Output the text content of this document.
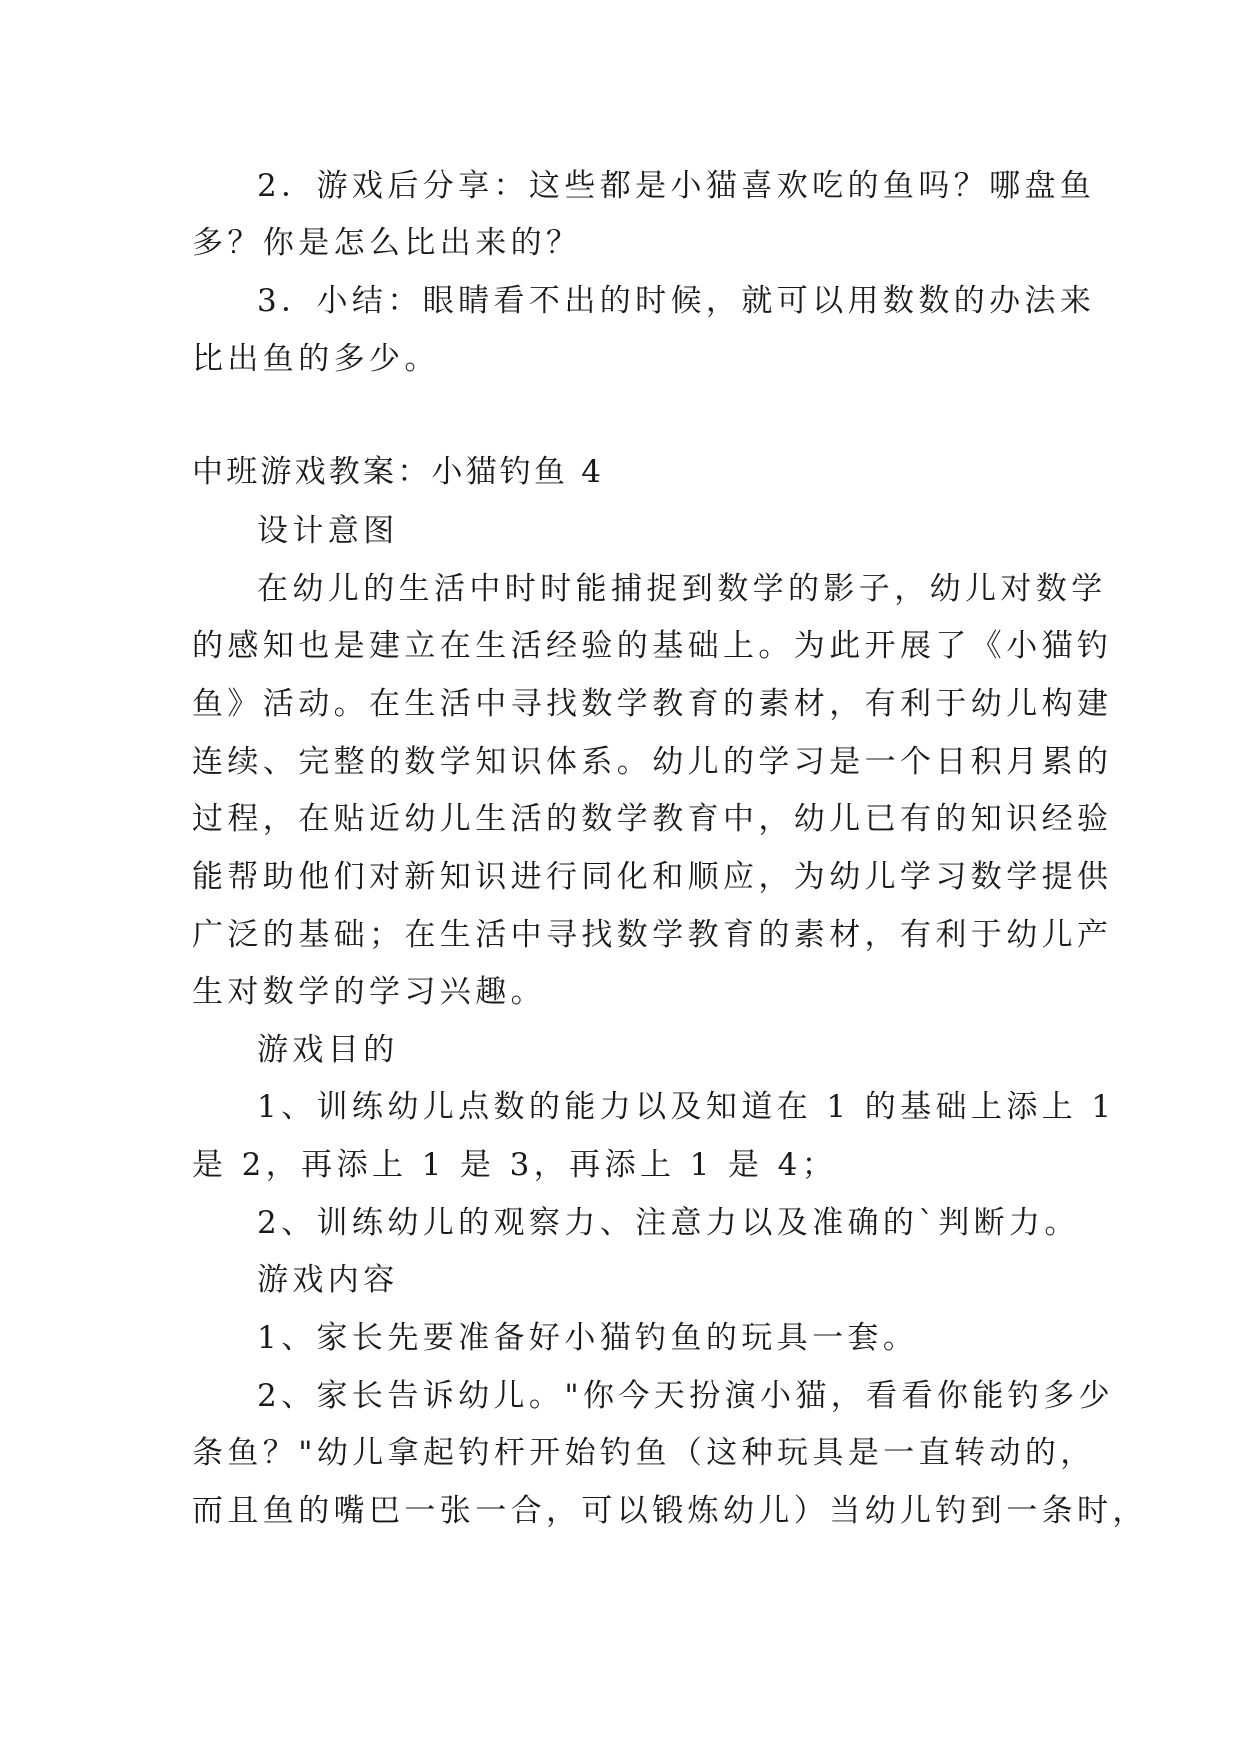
2．游戏后分享：这些都是小猫喜欢吃的鱼吗？哪盘鱼
多？你是怎么比出来的？
3．小结：眼睛看不出的时候，就可以用数数的办法来
比出鱼的多少。
中班游戏教案：小猫钓鱼 4
设计意图
在幼儿的生活中时时能捕捉到数学的影子，幼儿对数学
的感知也是建立在生活经验的基础上。为此开展了《小猫钓
鱼》活动。在生活中寻找数学教育的素材，有利于幼儿构建
连续、完整的数学知识体系。幼儿的学习是一个日积月累的
过程，在贴近幼儿生活的数学教育中，幼儿已有的知识经验
能帮助他们对新知识进行同化和顺应，为幼儿学习数学提供
广泛的基础；在生活中寻找数学教育的素材，有利于幼儿产
生对数学的学习兴趣。
游戏目的
1、训练幼儿点数的能力以及知道在 1 的基础上添上 1
是 2，再添上 1 是 3，再添上 1 是 4；
2、训练幼儿的观察力、注意力以及准确的`判断力。
游戏内容
1、家长先要准备好小猫钓鱼的玩具一套。
2、家长告诉幼儿。"你今天扮演小猫，看看你能钓多少
条鱼？"幼儿拿起钓杆开始钓鱼（这种玩具是一直转动的，
而且鱼的嘴巴一张一合，可以锻炼幼儿）当幼儿钓到一条时，
